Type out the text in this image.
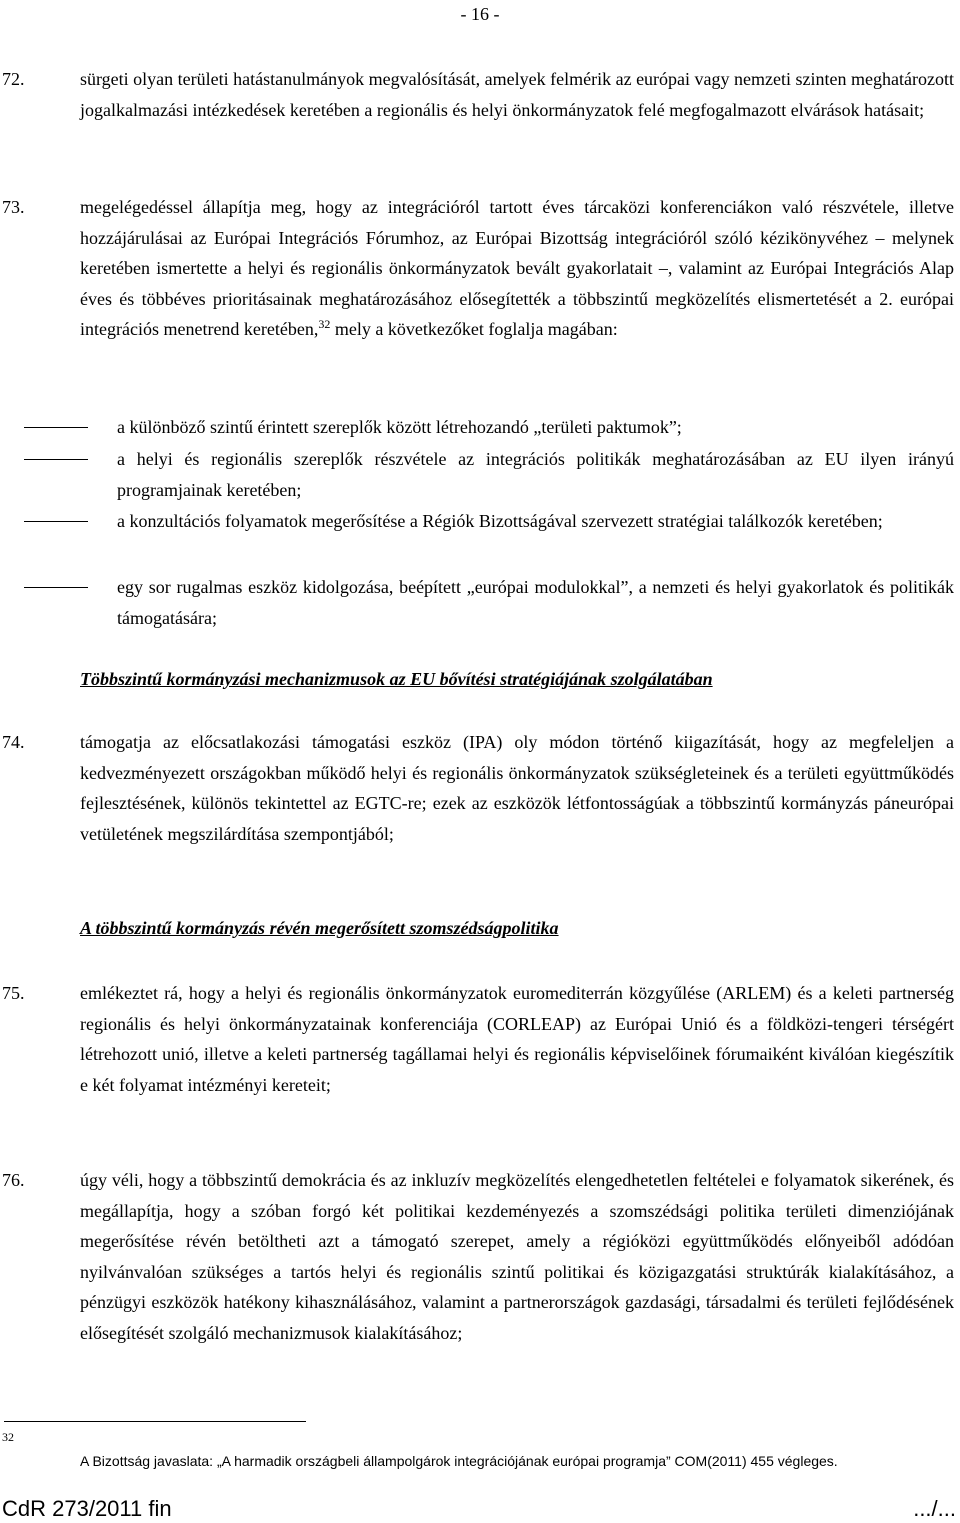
- 16 -
72.	sürgeti olyan területi hatástanulmányok megvalósítását, amelyek felmérik az európai vagy nemzeti szinten meghatározott jogalkalmazási intézkedések keretében a regionális és helyi önkormányzatok felé megfogalmazott elvárások hatásait;
73.	megelégedéssel állapítja meg, hogy az integrációról tartott éves tárcaközi konferenciákon való részvétele, illetve hozzájárulásai az Európai Integrációs Fórumhoz, az Európai Bizottság integrációról szóló kézikönyvéhez – melynek keretében ismertette a helyi és regionális önkormányzatok bevált gyakorlatait –, valamint az Európai Integrációs Alap éves és többéves prioritásainak meghatározásához elősegítették a többszintű megközelítés elismertetését a 2. európai integrációs menetrend keretében,$^{32}$ mely a következőket foglalja magában:
a különböző szintű érintett szereplők között létrehozandó „területi paktumok”;
a helyi és regionális szereplők részvétele az integrációs politikák meghatározásában az EU ilyen irányú programjainak keretében;
a konzultációs folyamatok megerősítése a Régiók Bizottságával szervezett stratégiai találkozók keretében;
egy sor rugalmas eszköz kidolgozása, beépített „európai modulokkal”, a nemzeti és helyi gyakorlatok és politikák támogatására;
Többszintű kormányzási mechanizmusok az EU bővítési stratégiájának szolgálatában
74.	támogatja az előcsatlakozási támogatási eszköz (IPA) oly módon történő kiigazítását, hogy az megfeleljen a kedvezményezett országokban működő helyi és regionális önkormányzatok szükségleteinek és a területi együttműködés fejlesztésének, különös tekintettel az EGTC-re; ezek az eszközök létfontosságúak a többszintű kormányzás páneurópai vetületének megszilárdítása szempontjából;
A többszintű kormányzás révén megerősített szomszédságpolitika
75.	emlékeztet rá, hogy a helyi és regionális önkormányzatok euromediterrán közgyűlése (ARLEM) és a keleti partnerség regionális és helyi önkormányzatainak konferenciája (CORLEAP) az Európai Unió és a földközi-tengeri térségért létrehozott unió, illetve a keleti partnerség tagállamai helyi és regionális képviselőinek fórumaiként kiválóan kiegészítik e két folyamat intézményi kereteit;
76.	úgy véli, hogy a többszintű demokrácia és az inkluzív megközelítés elengedhetetlen feltételei e folyamatok sikerének, és megállapítja, hogy a szóban forgó két politikai kezdeményezés a szomszédsági politika területi dimenziójának megerősítése révén betöltheti azt a támogató szerepet, amely a régióközi együttműködés előnyeiből adódóan nyilvánvalóan szükséges a tartós helyi és regionális szintű politikai és közigazgatási struktúrák kialakításához, a pénzügyi eszközök hatékony kihasználásához, valamint a partnerországok gazdasági, társadalmi és területi fejlődésének elősegítését szolgáló mechanizmusok kialakításához;
32
A Bizottság javaslata: „A harmadik országbeli állampolgárok integrációjának európai programja” COM(2011) 455 végleges.
CdR 273/2011 fin	.../...
